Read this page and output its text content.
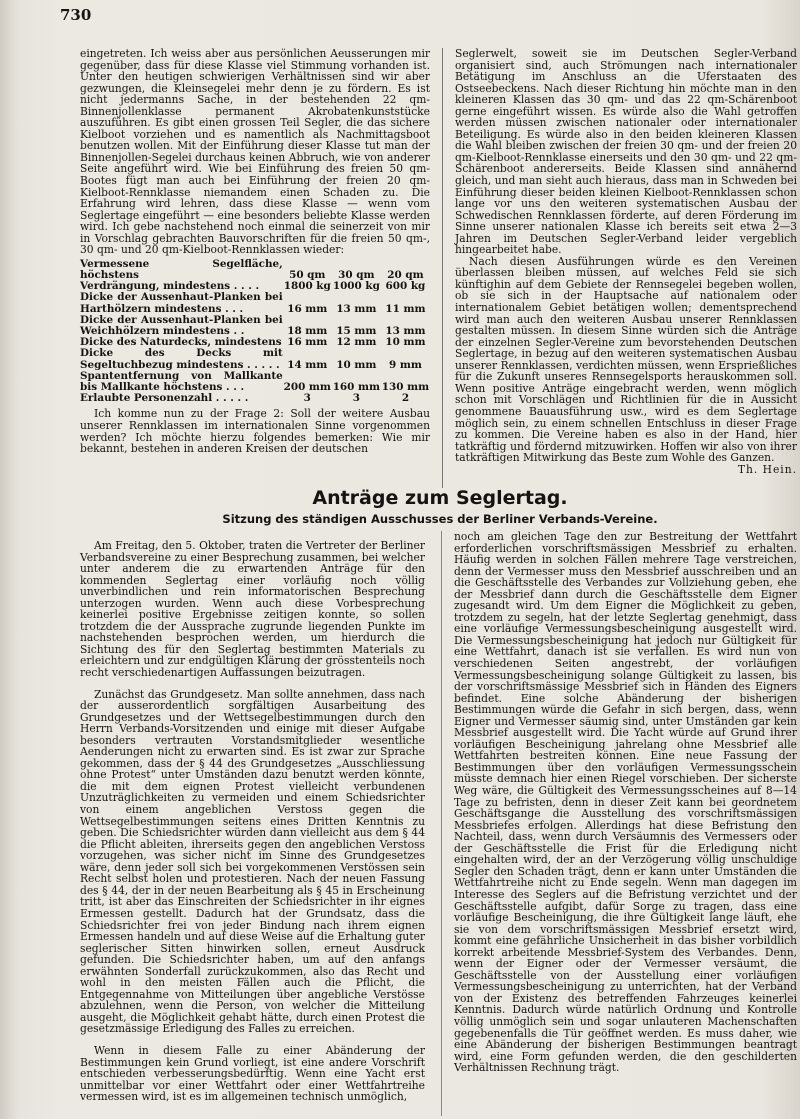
730

eingetreten. Ich weiss aber aus persönlichen Aeusserungen mir gegenüber, dass für diese Klasse viel Stimmung vorhanden ist. Unter den heutigen schwierigen Verhältnissen sind wir aber gezwungen, die Kleinsegelei mehr denn je zu fördern. Es ist nicht jedermanns Sache, in der bestehenden 22 qm-Binnenjollenklasse permanent Akrobatenkunststücke auszuführen. Es gibt einen grossen Teil Segler, die das sichere Kielboot vorziehen und es namentlich als Nachmittagsboot benutzen wollen. Mit der Einführung dieser Klasse tut man der Binnenjollen-Segelei durchaus keinen Abbruch, wie von anderer Seite angeführt wird. Wie bei Einführung des freien 50 qm-Bootes fügt man auch bei Einführung der freien 20 qm-Kielboot-Rennklasse niemandem einen Schaden zu. Die Erfahrung wird lehren, dass diese Klasse — wenn vom Seglertage eingeführt — eine besonders beliebte Klasse werden wird. Ich gebe nachstehend noch einmal die seinerzeit von mir in Vorschlag gebrachten Bauvorschriften für die freien 50 qm-, 30 qm- und 20 qm-Kielboot-Rennklassen wieder:

Vermessene Segelfläche, höchstens	50 qm	30 qm	20 qm
Verdrängung, mindestens . . . .	1800 kg	1000 kg	600 kg
Dicke der Aussenhaut-Planken bei Harthölzern mindestens . . .	16 mm	13 mm	11 mm
Dicke der Aussenhaut-Planken bei Weichhölzern mindestens . .	18 mm	15 mm	13 mm
Dicke des Naturdecks, mindestens	16 mm	12 mm	10 mm
Dicke des Decks mit Segeltuchbezug mindestens . . . . .	14 mm	10 mm	9 mm
Spantentfernung von Mallkante bis Mallkante höchstens . . .	200 mm	160 mm	130 mm
Erlaubte Personenzahl . . . . .	3	3	2

Ich komme nun zu der Frage 2: Soll der weitere Ausbau unserer Rennklassen im internationalen Sinne vorgenommen werden? Ich möchte hierzu folgendes bemerken: Wie mir bekannt, bestehen in anderen Kreisen der deutschen

Seglerwelt, soweit sie im Deutschen Segler-Verband organisiert sind, auch Strömungen nach internationaler Betätigung im Anschluss an die Uferstaaten des Ostseebeckens. Nach dieser Richtung hin möchte man in den kleineren Klassen das 30 qm- und das 22 qm-Schärenboot gerne eingeführt wissen. Es würde also die Wahl getroffen werden müssen zwischen nationaler oder internationaler Beteiligung. Es würde also in den beiden kleineren Klassen die Wahl bleiben zwischen der freien 30 qm- und der freien 20 qm-Kielboot-Rennklasse einerseits und den 30 qm- und 22 qm-Schärenboot andererseits. Beide Klassen sind annähernd gleich, und man sieht auch hieraus, dass man in Schweden bei Einführung dieser beiden kleinen Kielboot-Rennklassen schon lange vor uns den weiteren systematischen Ausbau der Schwedischen Rennklassen förderte, auf deren Förderung im Sinne unserer nationalen Klasse ich bereits seit etwa 2—3 Jahren im Deutschen Segler-Verband leider vergeblich hingearbeitet habe.

Nach diesen Ausführungen würde es den Vereinen überlassen bleiben müssen, auf welches Feld sie sich künftighin auf dem Gebiete der Rennsegelei begeben wollen, ob sie sich in der Hauptsache auf nationalem oder internationalem Gebiet betätigen wollen; dementsprechend wird man auch den weiteren Ausbau unserer Rennklassen gestalten müssen. In diesem Sinne würden sich die Anträge der einzelnen Segler-Vereine zum bevorstehenden Deutschen Seglertage, in bezug auf den weiteren systematischen Ausbau unserer Rennklassen, verdichten müssen, wenn Ersprießliches für die Zukunft unseres Rennsegelsports herauskommen soll. Wenn positive Anträge eingebracht werden, wenn möglich schon mit Vorschlägen und Richtlinien für die in Aussicht genommene Bauausführung usw., wird es dem Seglertage möglich sein, zu einem schnellen Entschluss in dieser Frage zu kommen. Die Vereine haben es also in der Hand, hier tatkräftig und fördernd mitzuwirken. Hoffen wir also von ihrer tatkräftigen Mitwirkung das Beste zum Wohle des Ganzen.

Th. Hein.
Anträge zum Seglertag.
Sitzung des ständigen Ausschusses der Berliner Verbands-Vereine.

Am Freitag, den 5. Oktober, traten die Vertreter der Berliner Verbandsvereine zu einer Besprechung zusammen, bei welcher unter anderem die zu erwartenden Anträge für den kommenden Seglertag einer vorläufig noch völlig unverbindlichen und rein informatorischen Besprechung unterzogen wurden. Wenn auch diese Vorbesprechung keinerlei positive Ergebnisse zeitigen konnte, so sollen trotzdem die der Aussprache zugrunde liegenden Punkte im nachstehenden besprochen werden, um hierdurch die Sichtung des für den Seglertag bestimmten Materials zu erleichtern und zur endgültigen Klärung der grösstenteils noch recht verschiedenartigen Auffassungen beizutragen.

Zunächst das Grundgesetz. Man sollte annehmen, dass nach der ausserordentlich sorgfältigen Ausarbeitung des Grundgesetzes und der Wettsegelbestimmungen durch den Herrn Verbands-Vorsitzenden und einige mit dieser Aufgabe besonders vertrauten Vorstandsmitglieder wesentliche Aenderungen nicht zu erwarten sind. Es ist zwar zur Sprache gekommen, dass der § 44 des Grundgesetzes „Ausschliessung ohne Protest“ unter Umständen dazu benutzt werden könnte, die mit dem eignen Protest vielleicht verbundenen Unzuträglichkeiten zu vermeiden und einem Schiedsrichter von einem angeblichen Verstoss gegen die Wettsegelbestimmungen seitens eines Dritten Kenntnis zu geben. Die Schiedsrichter würden dann vielleicht aus dem § 44 die Pflicht ableiten, ihrerseits gegen den angeblichen Verstoss vorzugehen, was sicher nicht im Sinne des Grundgesetzes wäre, denn jeder soll sich bei vorgekommenen Verstössen sein Recht selbst holen und protestieren. Nach der neuen Fassung des § 44, der in der neuen Bearbeitung als § 45 in Erscheinung tritt, ist aber das Einschreiten der Schiedsrichter in ihr eignes Ermessen gestellt. Dadurch hat der Grundsatz, dass die Schiedsrichter frei von jeder Bindung nach ihrem eignen Ermessen handeln und auf diese Weise auf die Erhaltung guter seglerischer Sitten hinwirken sollen, erneut Ausdruck gefunden. Die Schiedsrichter haben, um auf den anfangs erwähnten Sonderfall zurückzukommen, also das Recht und wohl in den meisten Fällen auch die Pflicht, die Entgegennahme von Mitteilungen über angebliche Verstösse abzulehnen, wenn die Person, von welcher die Mitteilung ausgeht, die Möglichkeit gehabt hätte, durch einen Protest die gesetzmässige Erledigung des Falles zu erreichen.

Wenn in diesem Falle zu einer Abänderung der Bestimmungen kein Grund vorliegt, ist eine andere Vorschrift entschieden verbesserungsbedürftig. Wenn eine Yacht erst unmittelbar vor einer Wettfahrt oder einer Wettfahrtreihe vermessen wird, ist es im allgemeinen technisch unmöglich,

noch am gleichen Tage den zur Bestreitung der Wettfahrt erforderlichen vorschriftsmässigen Messbrief zu erhalten. Häufig werden in solchen Fällen mehrere Tage verstreichen, denn der Vermesser muss den Messbrief ausschreiben und an die Geschäftsstelle des Verbandes zur Vollziehung geben, ehe der Messbrief dann durch die Geschäftsstelle dem Eigner zugesandt wird. Um dem Eigner die Möglichkeit zu geben, trotzdem zu segeln, hat der letzte Seglertag genehmigt, dass eine vorläufige Vermessungsbescheinigung ausgestellt wird. Die Vermessungsbescheinigung hat jedoch nur Gültigkeit für eine Wettfahrt, danach ist sie verfallen. Es wird nun von verschiedenen Seiten angestrebt, der vorläufigen Vermessungsbescheinigung solange Gültigkeit zu lassen, bis der vorschriftsmässige Messbrief sich in Händen des Eigners befindet. Eine solche Abänderung der bisherigen Bestimmungen würde die Gefahr in sich bergen, dass, wenn Eigner und Vermesser säumig sind, unter Umständen gar kein Messbrief ausgestellt wird. Die Yacht würde auf Grund ihrer vorläufigen Bescheinigung jahrelang ohne Messbrief alle Wettfahrten bestreiten können. Eine neue Fassung der Bestimmungen über den vorläufigen Vermessungsschein müsste demnach hier einen Riegel vorschieben. Der sicherste Weg wäre, die Gültigkeit des Vermessungsscheines auf 8—14 Tage zu befristen, denn in dieser Zeit kann bei geordnetem Geschäftsgange die Ausstellung des vorschriftsmässigen Messbriefes erfolgen. Allerdings hat diese Befristung den Nachteil, dass, wenn durch Versäumnis des Vermessers oder der Geschäftsstelle die Frist für die Erledigung nicht eingehalten wird, der an der Verzögerung völlig unschuldige Segler den Schaden trägt, denn er kann unter Umständen die Wettfahrtreihe nicht zu Ende segeln. Wenn man dagegen im Interesse des Seglers auf die Befristung verzichtet und der Geschäftsstelle aufgibt, dafür Sorge zu tragen, dass eine vorläufige Bescheinigung, die ihre Gültigkeit lange läuft, ehe sie von dem vorschriftsmässigen Messbrief ersetzt wird, kommt eine gefährliche Unsicherheit in das bisher vorbildlich korrekt arbeitende Messbrief-System des Verbandes. Denn, wenn der Eigner oder der Vermesser versäumt, die Geschäftsstelle von der Ausstellung einer vorläufigen Vermessungsbescheinigung zu unterrichten, hat der Verband von der Existenz des betreffenden Fahrzeuges keinerlei Kenntnis. Dadurch würde natürlich Ordnung und Kontrolle völlig unmöglich sein und sogar unlauteren Machenschaften gegebenenfalls die Tür geöffnet werden. Es muss daher, wie eine Abänderung der bisherigen Bestimmungen beantragt wird, eine Form gefunden werden, die den geschilderten Verhältnissen Rechnung trägt.
